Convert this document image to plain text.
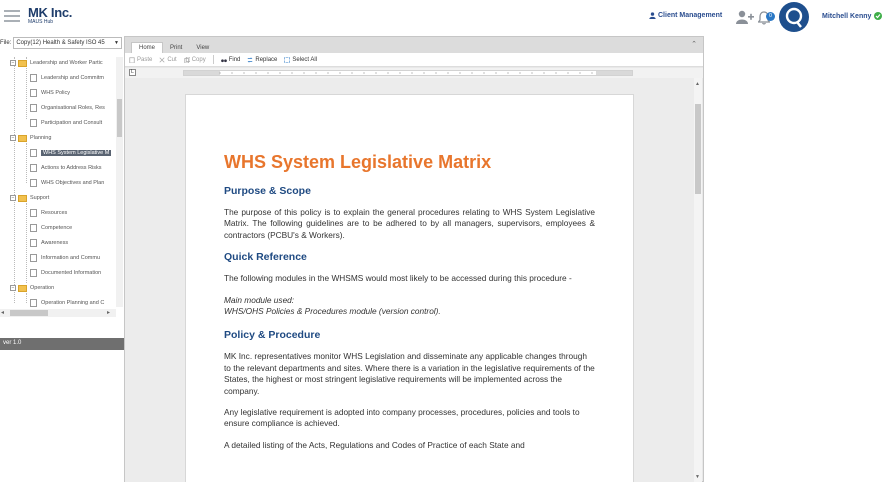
MK Inc.
MAUS Hub
Client Management	0	Mitchell Kenny
File: Copy(12) Health & Safety ISO 45 ▼
−	Leadership and Worker Partic
Leadership and Commitm
WHS Policy
Organisational Roles, Res
Participation and Consult
−	Planning
WHS System Legislative M
Actions to Address Risks
WHS Objectives and Plan
−	Support
Resources
Competence
Awareness
Information and Commu
Documented Information
−	Operation
Operation Planning and C
◂	▸
ver 1.0
Home	Print	View	⌃
Paste	Cut	Copy	Find	Replace	Select All
L
WHS System Legislative Matrix
Purpose & Scope
The purpose of this policy is to explain the general procedures relating to WHS System Legislative Matrix. The following guidelines are to be adhered to by all managers, supervisors, employees & contractors (PCBU's & Workers).
Quick Reference
The following modules in the WHSMS would most likely to be accessed during this procedure -
Main module used:
WHS/OHS Policies & Procedures module (version control).
Policy & Procedure
MK Inc. representatives monitor WHS Legislation and disseminate any applicable changes through to the relevant departments and sites. Where there is a variation in the legislative requirements of the States, the highest or most stringent legislative requirements will be implemented across the company.
Any legislative requirement is adopted into company processes, procedures, policies and tools to ensure compliance is achieved.
A detailed listing of the Acts, Regulations and Codes of Practice of each State and
▲
▼
